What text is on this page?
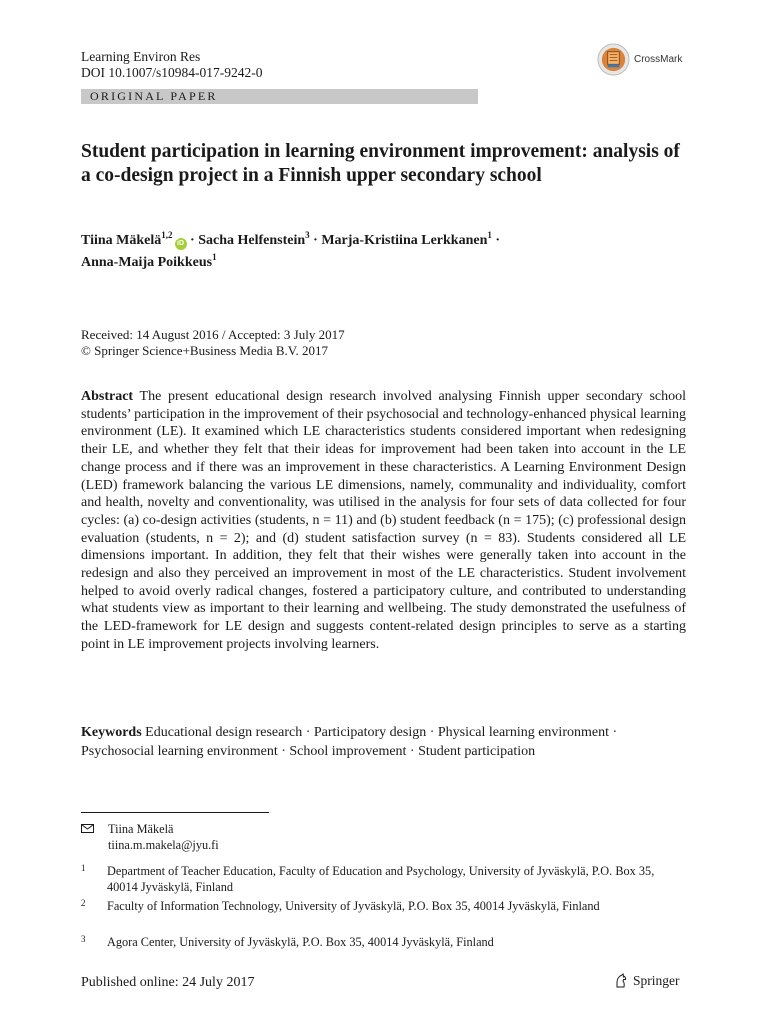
Learning Environ Res
DOI 10.1007/s10984-017-9242-0
CrossMark
ORIGINAL PAPER
Student participation in learning environment improvement: analysis of a co-design project in a Finnish upper secondary school
Tiina Mäkelä$^{1,2}$iD · Sacha Helfenstein$^3$ · Marja-Kristiina Lerkkanen$^1$ ·
Anna-Maija Poikkeus$^1$
Received: 14 August 2016 / Accepted: 3 July 2017
© Springer Science+Business Media B.V. 2017
Abstract The present educational design research involved analysing Finnish upper secondary school students’ participation in the improvement of their psychosocial and technology-enhanced physical learning environment (LE). It examined which LE characteristics students considered important when redesigning their LE, and whether they felt that their ideas for improvement had been taken into account in the LE change process and if there was an improvement in these characteristics. A Learning Environment Design (LED) framework balancing the various LE dimensions, namely, communality and individuality, comfort and health, novelty and conventionality, was utilised in the analysis for four sets of data collected for four cycles: (a) co-design activities (students, n = 11) and (b) student feedback (n = 175); (c) professional design evaluation (students, n = 2); and (d) student satisfaction survey (n = 83). Students considered all LE dimensions important. In addition, they felt that their wishes were generally taken into account in the redesign and also they perceived an improvement in most of the LE characteristics. Student involvement helped to avoid overly radical changes, fostered a participatory culture, and contributed to understanding what students view as important to their learning and wellbeing. The study demonstrated the usefulness of the LED-framework for LE design and suggests content-related design principles to serve as a starting point in LE improvement projects involving learners.
Keywords Educational design research · Participatory design · Physical learning environment · Psychosocial learning environment · School improvement · Student participation
Tiina Mäkelä
tiina.m.makela@jyu.fi
1 Department of Teacher Education, Faculty of Education and Psychology, University of Jyväskylä, P.O. Box 35, 40014 Jyväskylä, Finland
2 Faculty of Information Technology, University of Jyväskylä, P.O. Box 35, 40014 Jyväskylä, Finland
3 Agora Center, University of Jyväskylä, P.O. Box 35, 40014 Jyväskylä, Finland
Published online: 24 July 2017	Springer
